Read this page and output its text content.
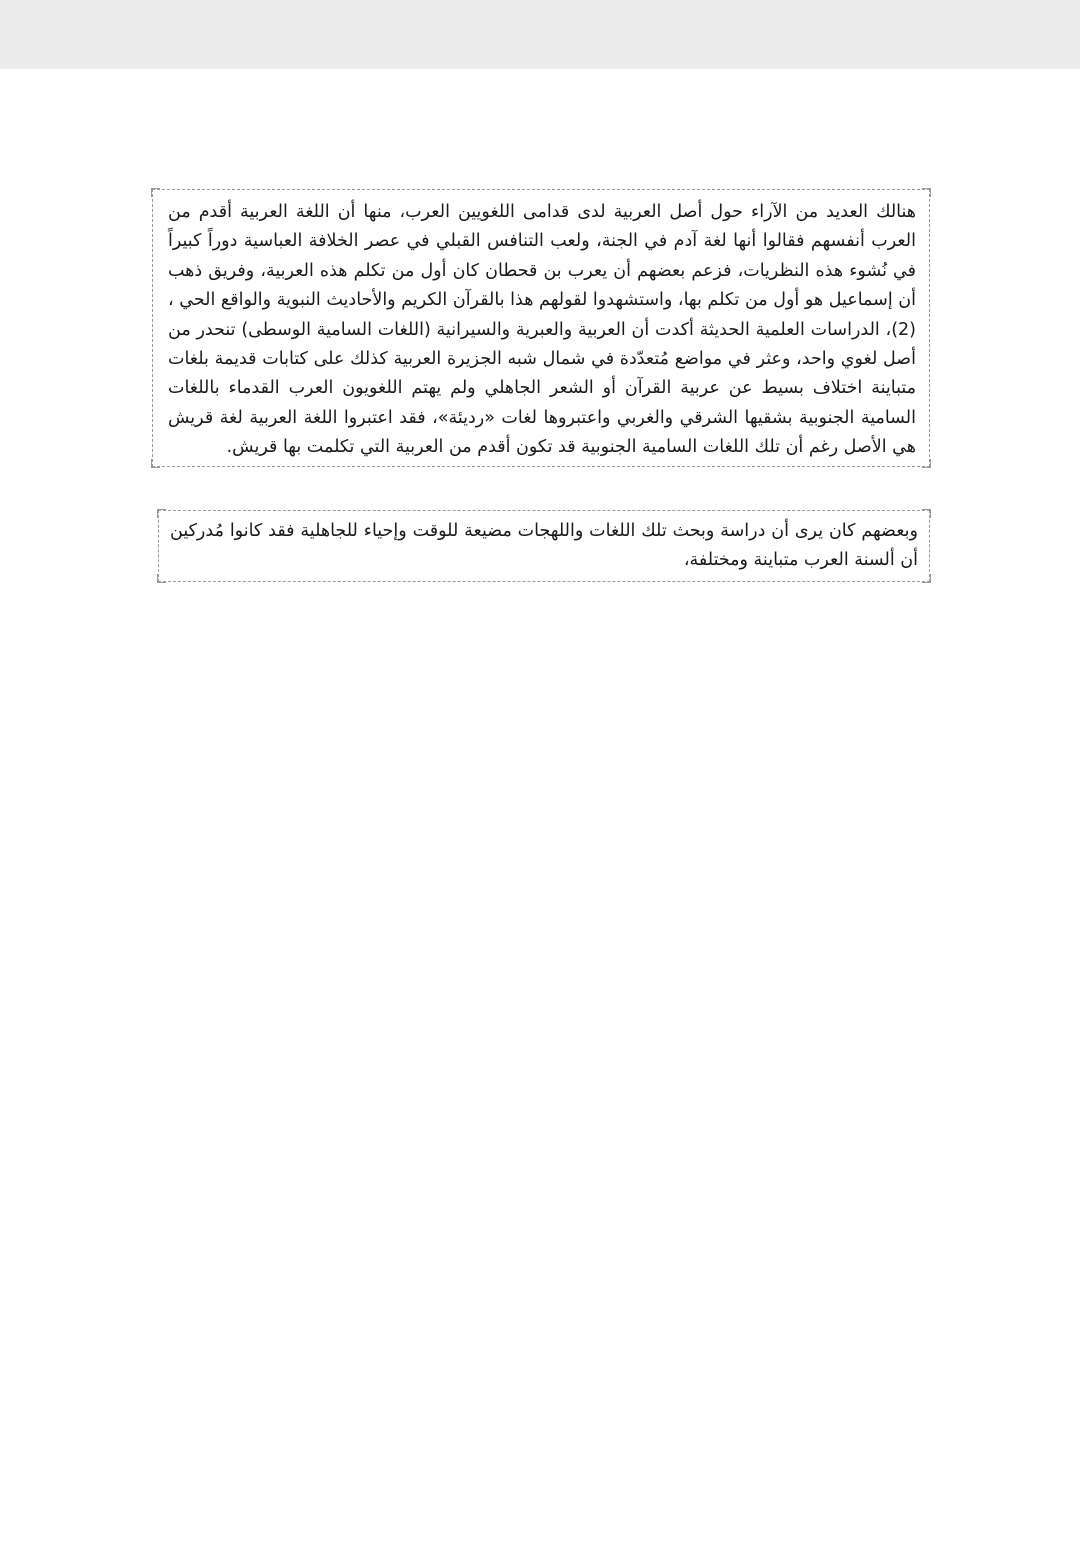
هنالك العديد من الآراء حول أصل العربية لدى قدامى اللغويين العرب، منها أن اللغة العربية أقدم من العرب أنفسهم فقالوا أنها لغة آدم في الجنة، ولعب التنافس القبلي في عصر الخلافة العباسية دوراً كبيراً في نُشوء هذه النظريات، فزعم بعضهم أن يعرب بن قحطان كان أول من تكلم هذه العربية، وفريق ذهب أن إسماعيل هو أول من تكلم بها، واستشهدوا لقولهم هذا بالقرآن الكريم والأحاديث النبوية والواقع الحي ،(2)، الدراسات العلمية الحديثة أكدت أن العربية والعبرية والسيرانية (اللغات السامية الوسطى) تنحدر من أصل لغوي واحد، وعثر في مواضع مُتعدّدة في شمال شبه الجزيرة العربية كذلك على كتابات قديمة بلغات متباينة اختلاف بسيط عن عربية القرآن أو الشعر الجاهلي ولم يهتم اللغويون العرب القدماء باللغات السامية الجنوبية بشقيها الشرقي والغربي واعتبروها لغات «رديئة»، فقد اعتبروا اللغة العربية لغة قريش هي الأصل رغم أن تلك اللغات السامية الجنوبية قد تكون أقدم من العربية التي تكلمت بها قريش.

وبعضهم كان يرى أن دراسة وبحث تلك اللغات واللهجات مضيعة للوقت وإحياء للجاهلية فقد كانوا مُدركين أن ألسنة العرب متباينة ومختلفة،
